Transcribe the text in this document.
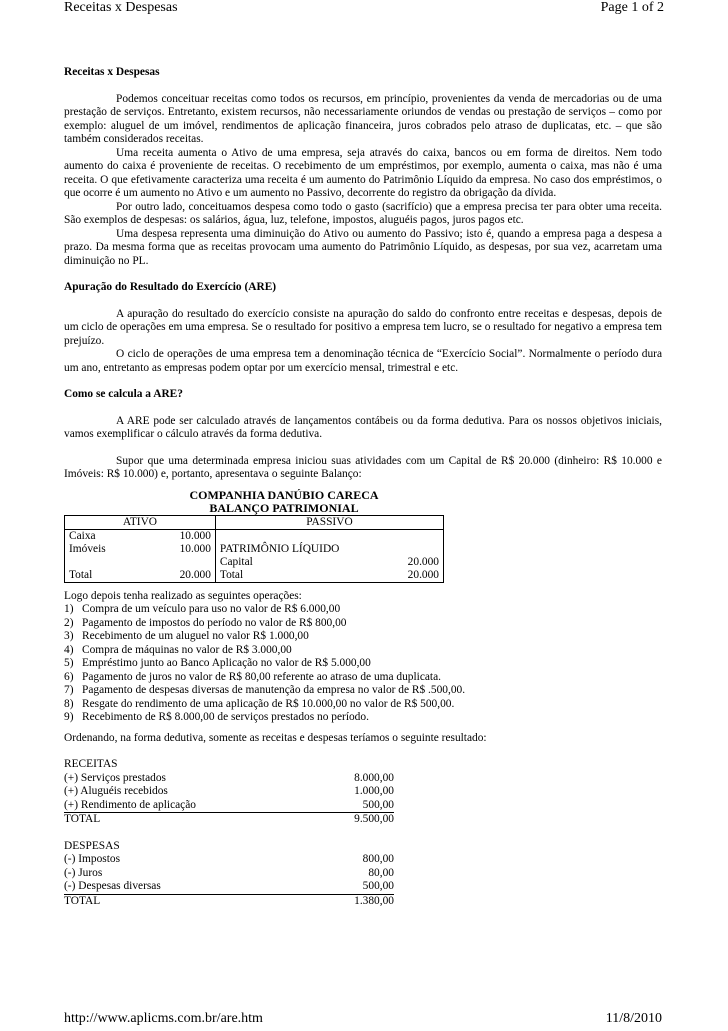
Receitas x Despesas	Page 1 of 2

Receitas x Despesas

Podemos conceituar receitas como todos os recursos, em princípio, provenientes da venda de mercadorias ou de uma prestação de serviços. Entretanto, existem recursos, não necessariamente oriundos de vendas ou prestação de serviços – como por exemplo: aluguel de um imóvel, rendimentos de aplicação financeira, juros cobrados pelo atraso de duplicatas, etc. – que são também considerados receitas.

Uma receita aumenta o Ativo de uma empresa, seja através do caixa, bancos ou em forma de direitos. Nem todo aumento do caixa é proveniente de receitas. O recebimento de um empréstimos, por exemplo, aumenta o caixa, mas não é uma receita. O que efetivamente caracteriza uma receita é um aumento do Patrimônio Líquido da empresa. No caso dos empréstimos, o que ocorre é um aumento no Ativo e um aumento no Passivo, decorrente do registro da obrigação da dívida.

Por outro lado, conceituamos despesa como todo o gasto (sacrifício) que a empresa precisa ter para obter uma receita. São exemplos de despesas: os salários, água, luz, telefone, impostos, aluguéis pagos, juros pagos etc.

Uma despesa representa uma diminuição do Ativo ou aumento do Passivo; isto é, quando a empresa paga a despesa a prazo. Da mesma forma que as receitas provocam uma aumento do Patrimônio Líquido, as despesas, por sua vez, acarretam uma diminuição no PL.

Apuração do Resultado do Exercício (ARE)

A apuração do resultado do exercício consiste na apuração do saldo do confronto entre receitas e despesas, depois de um ciclo de operações em uma empresa. Se o resultado for positivo a empresa tem lucro, se o resultado for negativo a empresa tem prejuízo.

O ciclo de operações de uma empresa tem a denominação técnica de “Exercício Social”. Normalmente o período dura um ano, entretanto as empresas podem optar por um exercício mensal, trimestral e etc.

Como se calcula a ARE?

A ARE pode ser calculado através de lançamentos contábeis ou da forma dedutiva. Para os nossos objetivos iniciais, vamos exemplificar o cálculo através da forma dedutiva.

Supor que uma determinada empresa iniciou suas atividades com um Capital de R$ 20.000 (dinheiro: R$ 10.000 e Imóveis: R$ 10.000) e, portanto, apresentava o seguinte Balanço:

COMPANHIA DANÚBIO CARECA
BALANÇO PATRIMONIAL
ATIVO		PASSIVO	
Caixa	10.000		
Imóveis	10.000	PATRIMÔNIO LÍQUIDO	
		Capital	20.000
Total	20.000	Total	20.000

Logo depois tenha realizado as seguintes operações:

1) Compra de um veículo para uso no valor de R$ 6.000,00
2) Pagamento de impostos do período no valor de R$ 800,00
3) Recebimento de um aluguel no valor R$ 1.000,00
4) Compra de máquinas no valor de R$ 3.000,00
5) Empréstimo junto ao Banco Aplicação no valor de R$ 5.000,00
6) Pagamento de juros no valor de R$ 80,00 referente ao atraso de uma duplicata.
7) Pagamento de despesas diversas de manutenção da empresa no valor de R$ .500,00.
8) Resgate do rendimento de uma aplicação de R$ 10.000,00 no valor de R$ 500,00.
9) Recebimento de R$ 8.000,00 de serviços prestados no período.

Ordenando, na forma dedutiva, somente as receitas e despesas teríamos o seguinte resultado:

RECEITAS
(+) Serviços prestados	8.000,00
(+) Aluguéis recebidos	1.000,00
(+) Rendimento de aplicação	500,00
TOTAL	9.500,00
DESPESAS
(-) Impostos	800,00
(-) Juros	80,00
(-) Despesas diversas	500,00
TOTAL	1.380,00
http://www.aplicms.com.br/are.htm	11/8/2010
